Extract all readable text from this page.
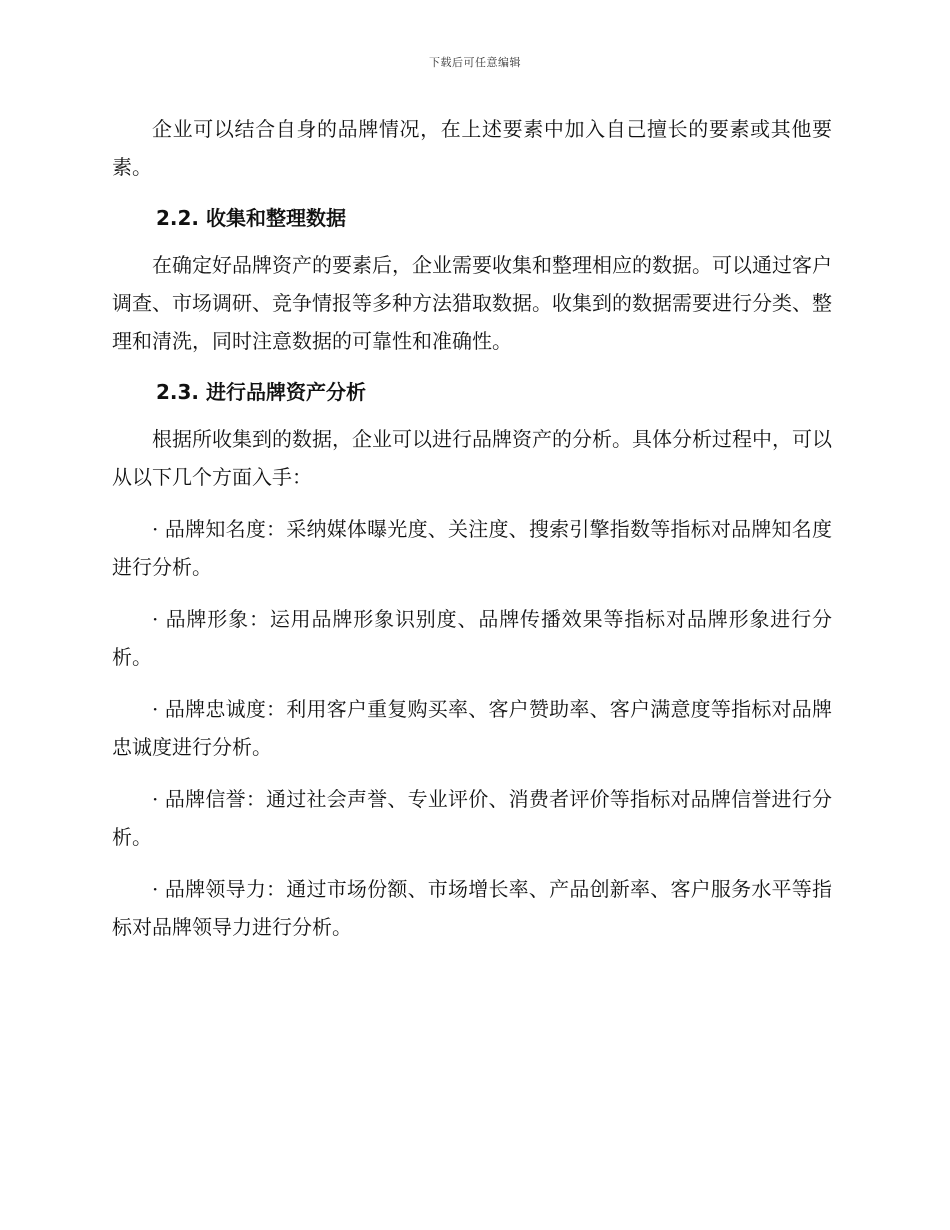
下载后可任意编辑

企业可以结合自身的品牌情况，在上述要素中加入自己擅长的要素或其他要素。

2.2. 收集和整理数据

在确定好品牌资产的要素后，企业需要收集和整理相应的数据。可以通过客户调查、市场调研、竞争情报等多种方法猎取数据。收集到的数据需要进行分类、整理和清洗，同时注意数据的可靠性和准确性。

2.3. 进行品牌资产分析

根据所收集到的数据，企业可以进行品牌资产的分析。具体分析过程中，可以从以下几个方面入手：

· 品牌知名度：采纳媒体曝光度、关注度、搜索引擎指数等指标对品牌知名度进行分析。

· 品牌形象：运用品牌形象识别度、品牌传播效果等指标对品牌形象进行分析。

· 品牌忠诚度：利用客户重复购买率、客户赞助率、客户满意度等指标对品牌忠诚度进行分析。

· 品牌信誉：通过社会声誉、专业评价、消费者评价等指标对品牌信誉进行分析。

· 品牌领导力：通过市场份额、市场增长率、产品创新率、客户服务水平等指标对品牌领导力进行分析。
